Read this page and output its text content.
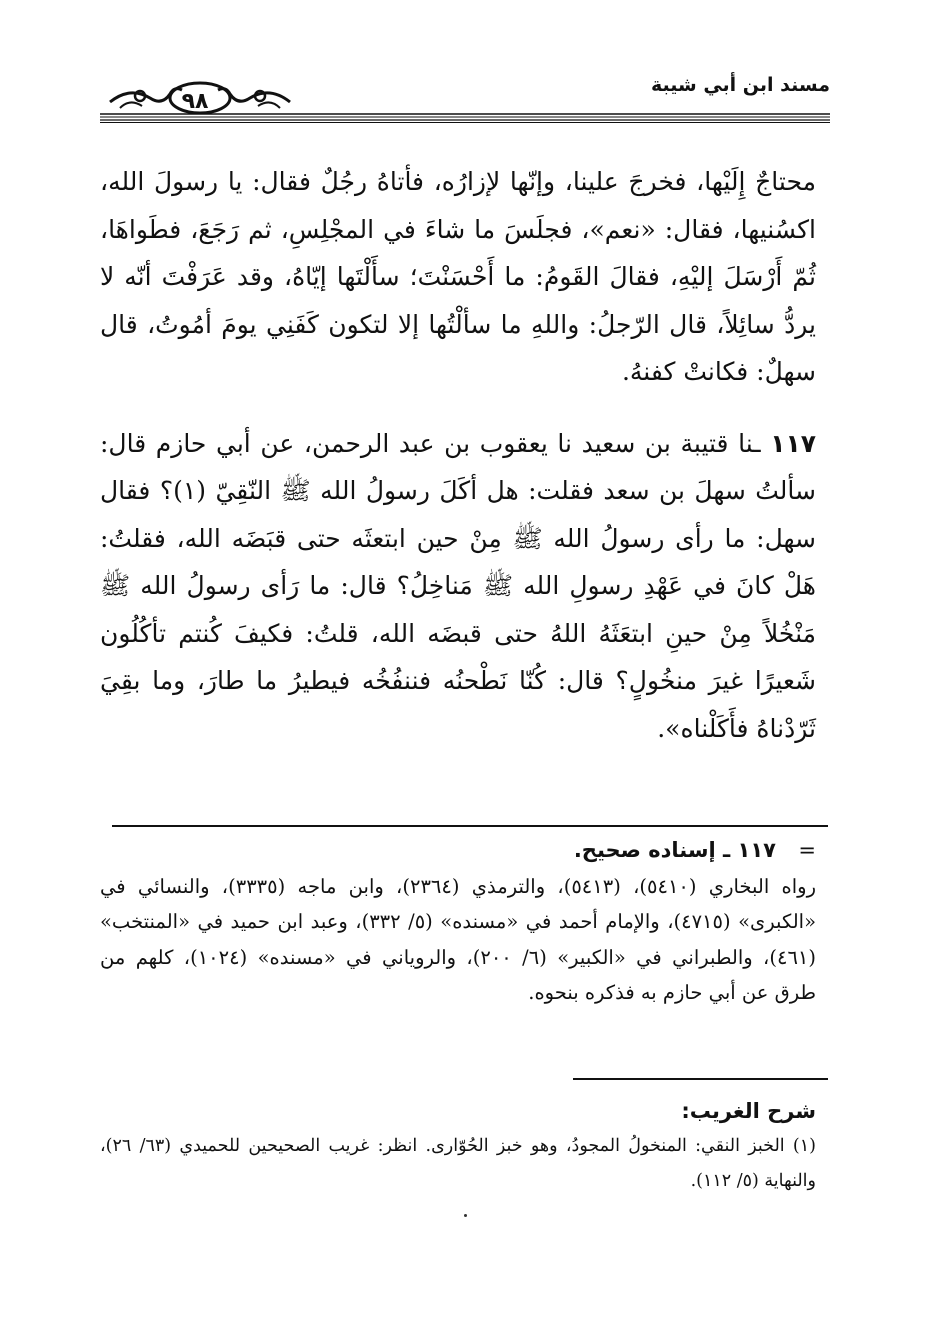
٩٨
مسند ابن أبي شيبة

محتاجٌ إِلَيْها، فخرجَ علينا، وإنّها لإزارُه، فأتاهُ رجُلٌ فقال: يا رسولَ الله، اكسُنيها، فقال: «نعم»، فجلَسَ ما شاءَ في المجْلِسِ، ثم رَجَعَ، فطَواهَا، ثُمّ أَرْسَلَ إليْهِ، فقالَ القَومُ: ما أَحْسَنْتَ؛ سأَلْتَها إيّاهُ، وقد عَرَفْتَ أنّه لا يردُّ سائِلاً، قال الرّجلُ: واللهِ ما سألْتُها إلا لتكون كَفَنِي يومَ أمُوتُ، قال سهلٌ: فكانتْ كفنهُ.

١١٧ ـنا قتيبة بن سعيد نا يعقوب بن عبد الرحمن، عن أبي حازم قال: سألتُ سهلَ بن سعد فقلت: هل أكَلَ رسولُ الله ﷺ النّقِيّ (١)؟ فقال سهل: ما رأى رسولُ الله ﷺ مِنْ حين ابتعثَه حتى قبَضَه الله، فقلتُ: هَلْ كانَ في عَهْدِ رسولِ الله ﷺ مَناخِلُ؟ قال: ما رَأى رسولُ الله ﷺ مَنْخُلاً مِنْ حينِ ابتعَثَهُ اللهُ حتى قبضَه الله، قلتُ: فكيفَ كُنتم تأكُلُون شَعيرًا غيرَ منخُولٍ؟ قال: كُنّا نَطْحنُه فننفُخُه فيطيرُ ما طارَ، وما بقِيَ ثَرّدْناهُ فأَكَلْناه».

=١١٧ ـ إسناده صحيح.

رواه البخاري (٥٤١٠)، (٥٤١٣)، والترمذي (٢٣٦٤)، وابن ماجه (٣٣٣٥)، والنسائي في «الكبرى» (٤٧١٥)، والإمام أحمد في «مسنده» (٥/ ٣٣٢)، وعبد ابن حميد في «المنتخب» (٤٦١)، والطبراني في «الكبير» (٦/ ٢٠٠)، والروياني في «مسنده» (١٠٢٤)، كلهم من طرق عن أبي حازم به فذكره بنحوه.

شرح الغريب:

(١) الخبز النقي: المنخولُ المجودُ، وهو خبز الحُوّارى. انظر: غريب الصحيحين للحميدي (٦٣/ ٢٦)، والنهاية (٥/ ١١٢).
